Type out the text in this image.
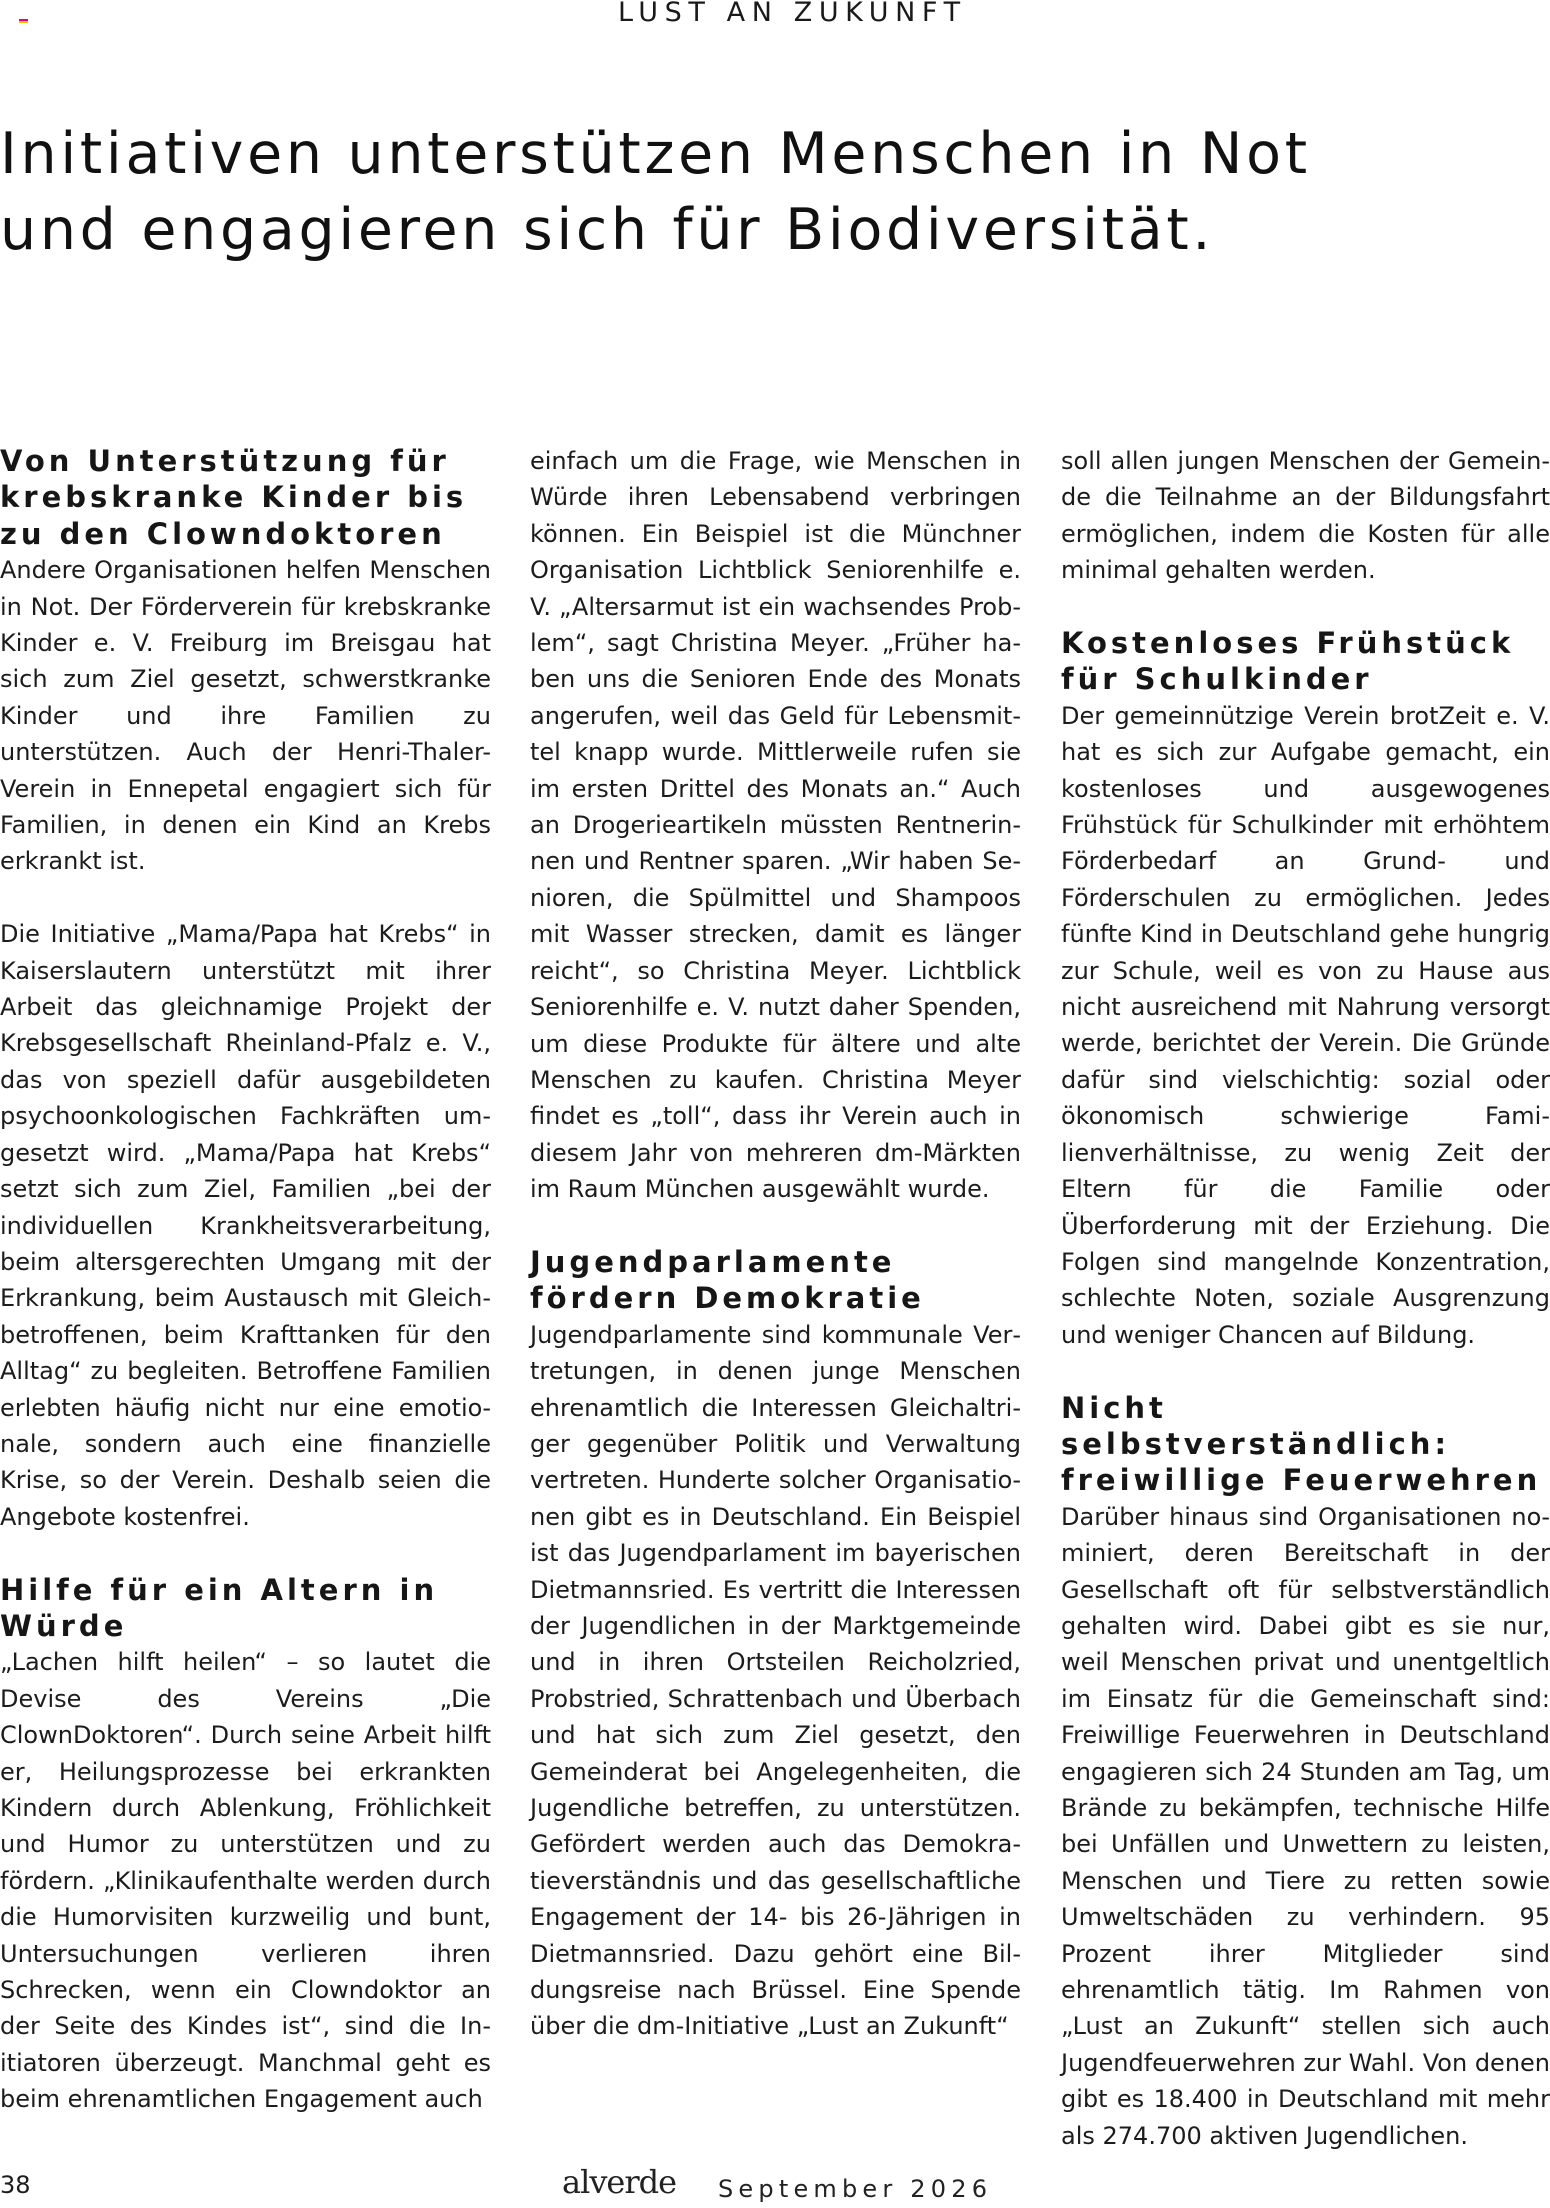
LUST AN ZUKUNFT
Initiativen unterstützen Menschen in Not
und engagieren sich für Biodiversität.
Von Unterstützung für krebskranke Kinder bis zu den Clowndoktoren

Andere Organisationen helfen Menschen in Not. Der Förderverein für krebskranke Kinder e. V. Freiburg im Breisgau hat sich zum Ziel gesetzt, schwerstkranke Kinder und ihre Familien zu unterstützen. Auch der Henri-Thaler-Verein in Ennepetal engagiert sich für Familien, in denen ein Kind an Krebs erkrankt ist.

Die Initiative „Mama/Papa hat Krebs“ in Kaiserslautern unterstützt mit ihrer Arbeit das gleichnamige Projekt der Krebsgesellschaft Rheinland-Pfalz e. V., das von speziell dafür ausgebildeten psychoonkologischen Fachkräften umgesetzt wird. „Mama/Papa hat Krebs“ setzt sich zum Ziel, Familien „bei der individuellen Krankheitsverarbeitung, beim altersgerechten Umgang mit der Erkrankung, beim Austausch mit Gleichbetroffenen, beim Krafttanken für den Alltag“ zu begleiten. Betroffene Familien erlebten häufig nicht nur eine emotionale, sondern auch eine finanzielle Krise, so der Verein. Deshalb seien die Angebote kostenfrei.

Hilfe für ein Altern in Würde

„Lachen hilft heilen“ – so lautet die Devise des Vereins „Die ClownDoktoren“. Durch seine Arbeit hilft er, Heilungsprozesse bei erkrankten Kindern durch Ablenkung, Fröhlichkeit und Humor zu unterstützen und zu fördern. „Klinikaufenthalte werden durch die Humorvisiten kurzweilig und bunt, Untersuchungen verlieren ihren Schrecken, wenn ein Clowndoktor an der Seite des Kindes ist“, sind die Initiatoren überzeugt. Manchmal geht es beim ehrenamtlichen Engagement auch

einfach um die Frage, wie Menschen in Würde ihren Lebensabend verbringen können. Ein Beispiel ist die Münchner Organisation Lichtblick Seniorenhilfe e. V. „Altersarmut ist ein wachsendes Problem“, sagt Christina Meyer. „Früher haben uns die Senioren Ende des Monats angerufen, weil das Geld für Lebensmittel knapp wurde. Mittlerweile rufen sie im ersten Drittel des Monats an.“ Auch an Drogerieartikeln müssten Rentnerinnen und Rentner sparen. „Wir haben Senioren, die Spülmittel und Shampoos mit Wasser strecken, damit es länger reicht“, so Christina Meyer. Lichtblick Seniorenhilfe e. V. nutzt daher Spenden, um diese Produkte für ältere und alte Menschen zu kaufen. Christina Meyer findet es „toll“, dass ihr Verein auch in diesem Jahr von mehreren dm-Märkten im Raum München ausgewählt wurde.

Jugendparlamente fördern Demokratie

Jugendparlamente sind kommunale Vertretungen, in denen junge Menschen ehrenamtlich die Interessen Gleichaltriger gegenüber Politik und Verwaltung vertreten. Hunderte solcher Organisationen gibt es in Deutschland. Ein Beispiel ist das Jugendparlament im bayerischen Dietmannsried. Es vertritt die Interessen der Jugendlichen in der Marktgemeinde und in ihren Ortsteilen Reicholzried, Probstried, Schrattenbach und Überbach und hat sich zum Ziel gesetzt, den Gemeinderat bei Angelegenheiten, die Jugendliche betreffen, zu unterstützen. Gefördert werden auch das Demokratieverständnis und das gesellschaftliche Engagement der 14- bis 26-Jährigen in Dietmannsried. Dazu gehört eine Bildungsreise nach Brüssel. Eine Spende über die dm-Initiative „Lust an Zukunft“

soll allen jungen Menschen der Gemeinde die Teilnahme an der Bildungsfahrt ermöglichen, indem die Kosten für alle minimal gehalten werden.

Kostenloses Frühstück für Schulkinder

Der gemeinnützige Verein brotZeit e. V. hat es sich zur Aufgabe gemacht, ein kostenloses und ausgewogenes Frühstück für Schulkinder mit erhöhtem Förderbedarf an Grund- und Förderschulen zu ermöglichen. Jedes fünfte Kind in Deutschland gehe hungrig zur Schule, weil es von zu Hause aus nicht ausreichend mit Nahrung versorgt werde, berichtet der Verein. Die Gründe dafür sind vielschichtig: sozial oder ökonomisch schwierige Familienverhältnisse, zu wenig Zeit der Eltern für die Familie oder Überforderung mit der Erziehung. Die Folgen sind mangelnde Konzentration, schlechte Noten, soziale Ausgrenzung und weniger Chancen auf Bildung.

Nicht selbstverständlich: freiwillige Feuerwehren

Darüber hinaus sind Organisationen nominiert, deren Bereitschaft in der Gesellschaft oft für selbstverständlich gehalten wird. Dabei gibt es sie nur, weil Menschen privat und unentgeltlich im Einsatz für die Gemeinschaft sind: Freiwillige Feuerwehren in Deutschland engagieren sich 24 Stunden am Tag, um Brände zu bekämpfen, technische Hilfe bei Unfällen und Unwettern zu leisten, Menschen und Tiere zu retten sowie Umweltschäden zu verhindern. 95 Prozent ihrer Mitglieder sind ehrenamtlich tätig. Im Rahmen von „Lust an Zukunft“ stellen sich auch Jugendfeuerwehren zur Wahl. Von denen gibt es 18.400 in Deutschland mit mehr als 274.700 aktiven Jugendlichen.

38	alverde September 2026
